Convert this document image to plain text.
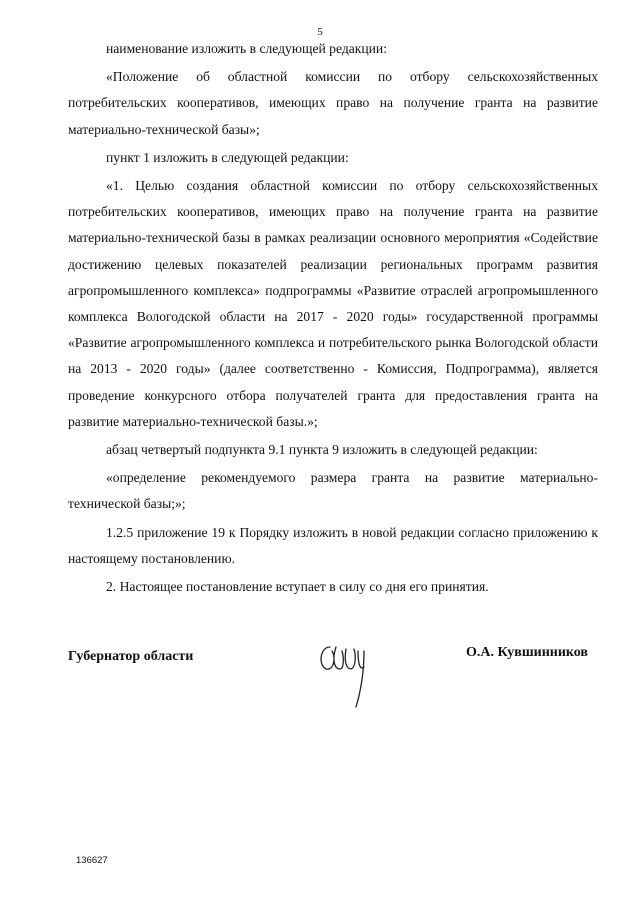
5

наименование изложить в следующей редакции:

«Положение об областной комиссии по отбору сельскохозяйственных потребительских кооперативов, имеющих право на получение гранта на развитие материально-технической базы»;

пункт 1 изложить в следующей редакции:

«1. Целью создания областной комиссии по отбору сельскохозяйственных потребительских кооперативов, имеющих право на получение гранта на развитие материально-технической базы в рамках реализации основного мероприятия «Содействие достижению целевых показателей реализации региональных программ развития агропромышленного комплекса» подпрограммы «Развитие отраслей агропромышленного комплекса Вологодской области на 2017 - 2020 годы» государственной программы «Развитие агропромышленного комплекса и потребительского рынка Вологодской области на 2013 - 2020 годы» (далее соответственно - Комиссия, Подпрограмма), является проведение конкурсного отбора получателей гранта для предоставления гранта на развитие материально-технической базы.»;

абзац четвертый подпункта 9.1 пункта 9 изложить в следующей редакции:

«определение рекомендуемого размера гранта на развитие материально-технической базы;»;

1.2.5 приложение 19 к Порядку изложить в новой редакции согласно приложению к настоящему постановлению.

2. Настоящее постановление вступает в силу со дня его принятия.

Губернатор области	О.А. Кувшинников
136627
